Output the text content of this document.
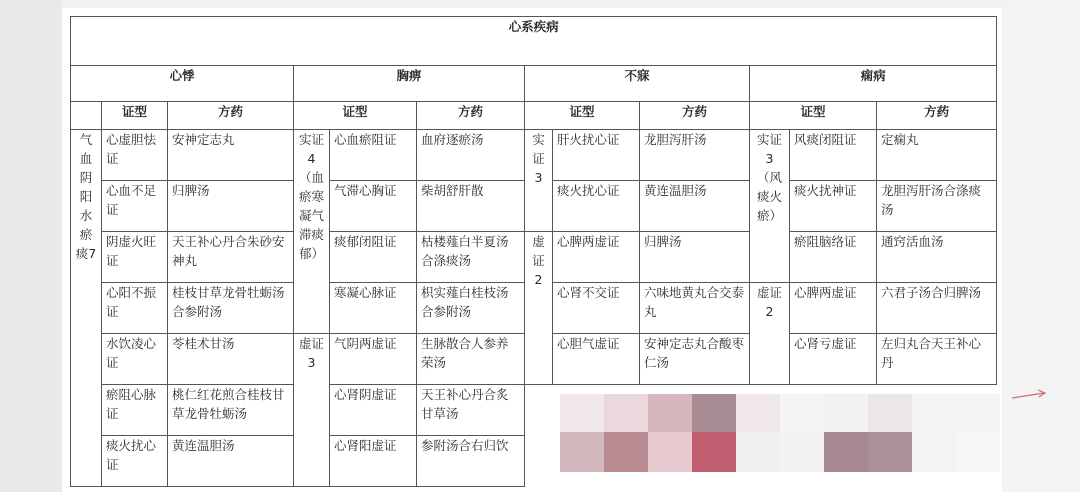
心系疾病											
心悸			胸痹			不寐			痫病		
	证型	方药	证型		方药	证型		方药	证型		方药

气血阴阳水瘀痰7	心虚胆怯证	安神定志丸	实证4（血瘀寒凝气滞痰郁）	心血瘀阻证	血府逐瘀汤	实证3	肝火扰心证	龙胆泻肝汤	实证3（风痰火瘀）	风痰闭阻证	定痫丸
	心血不足证	归脾汤		气滞心胸证	柴胡舒肝散		痰火扰心证	黄连温胆汤		痰火扰神证	龙胆泻肝汤合涤痰汤
	阴虚火旺证	天王补心丹合朱砂安神丸		痰郁闭阻证	枯楼薤白半夏汤合涤痰汤	虚证2	心脾两虚证	归脾汤		瘀阻脑络证	通窍活血汤
	心阳不振证	桂枝甘草龙骨牡蛎汤合参附汤		寒凝心脉证	枳实薤白桂枝汤合参附汤		心肾不交证	六味地黄丸合交泰丸	虚证2	心脾两虚证	六君子汤合归脾汤
	水饮凌心证	苓桂术甘汤	虚证3	气阴两虚证	生脉散合人参养荣汤		心胆气虚证	安神定志丸合酸枣仁汤		心肾亏虚证	左归丸合天王补心丹
	瘀阻心脉证	桃仁红花煎合桂枝甘草龙骨牡蛎汤		心肾阴虚证	天王补心丹合炙甘草汤						
	痰火扰心证	黄连温胆汤		心肾阳虚证	参附汤合右归饮						
